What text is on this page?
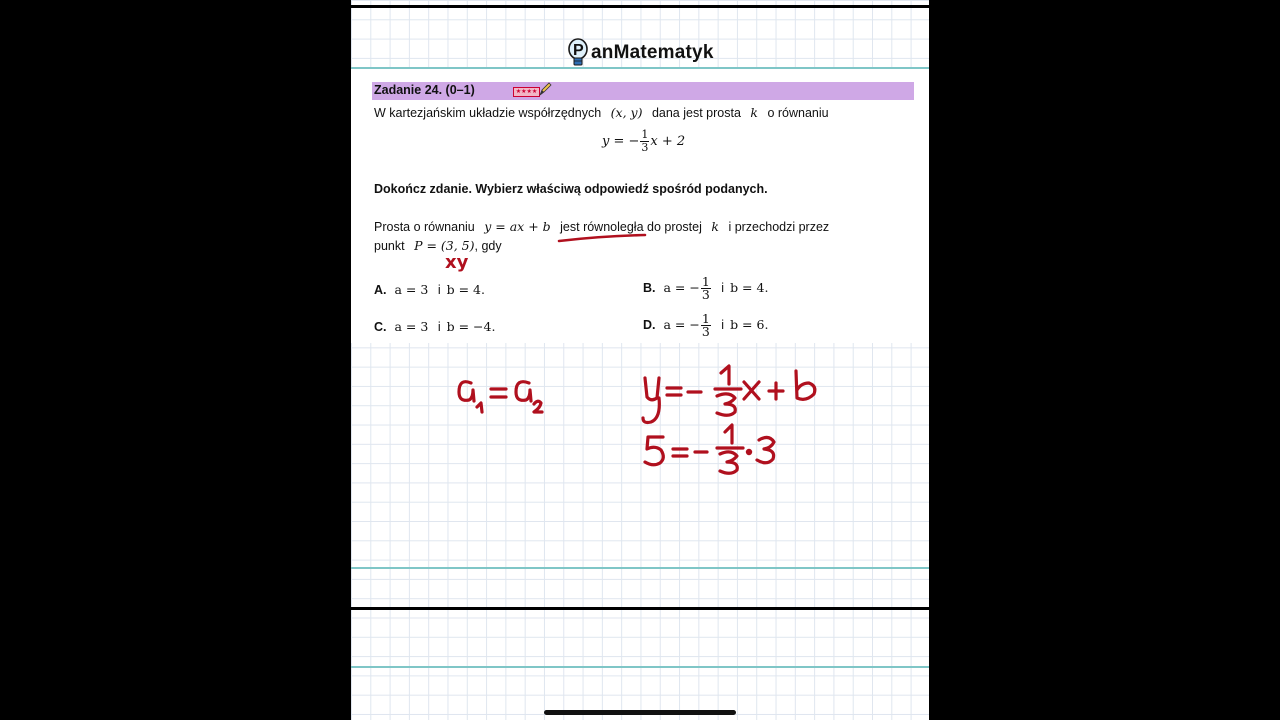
P anMatematyk
Zadanie 24. (0–1)	★★★★
W kartezjańskim układzie współrzędnych (x, y) dana jest prosta k o równaniu
y = − $\frac{1}{3}$ x + 2
Dokończ zdanie. Wybierz właściwą odpowiedź spośród podanych.
Prosta o równaniu y = ax + b jest równoległa do prostej k i przechodzi przez
punkt P = (3, 5), gdy
A. a = 3 i b = 4.	B. a = − $\frac{1}{3}$ i b = 4.
C. a = 3 i b = −4.	D. a = − $\frac{1}{3}$ i b = 6.
xy
